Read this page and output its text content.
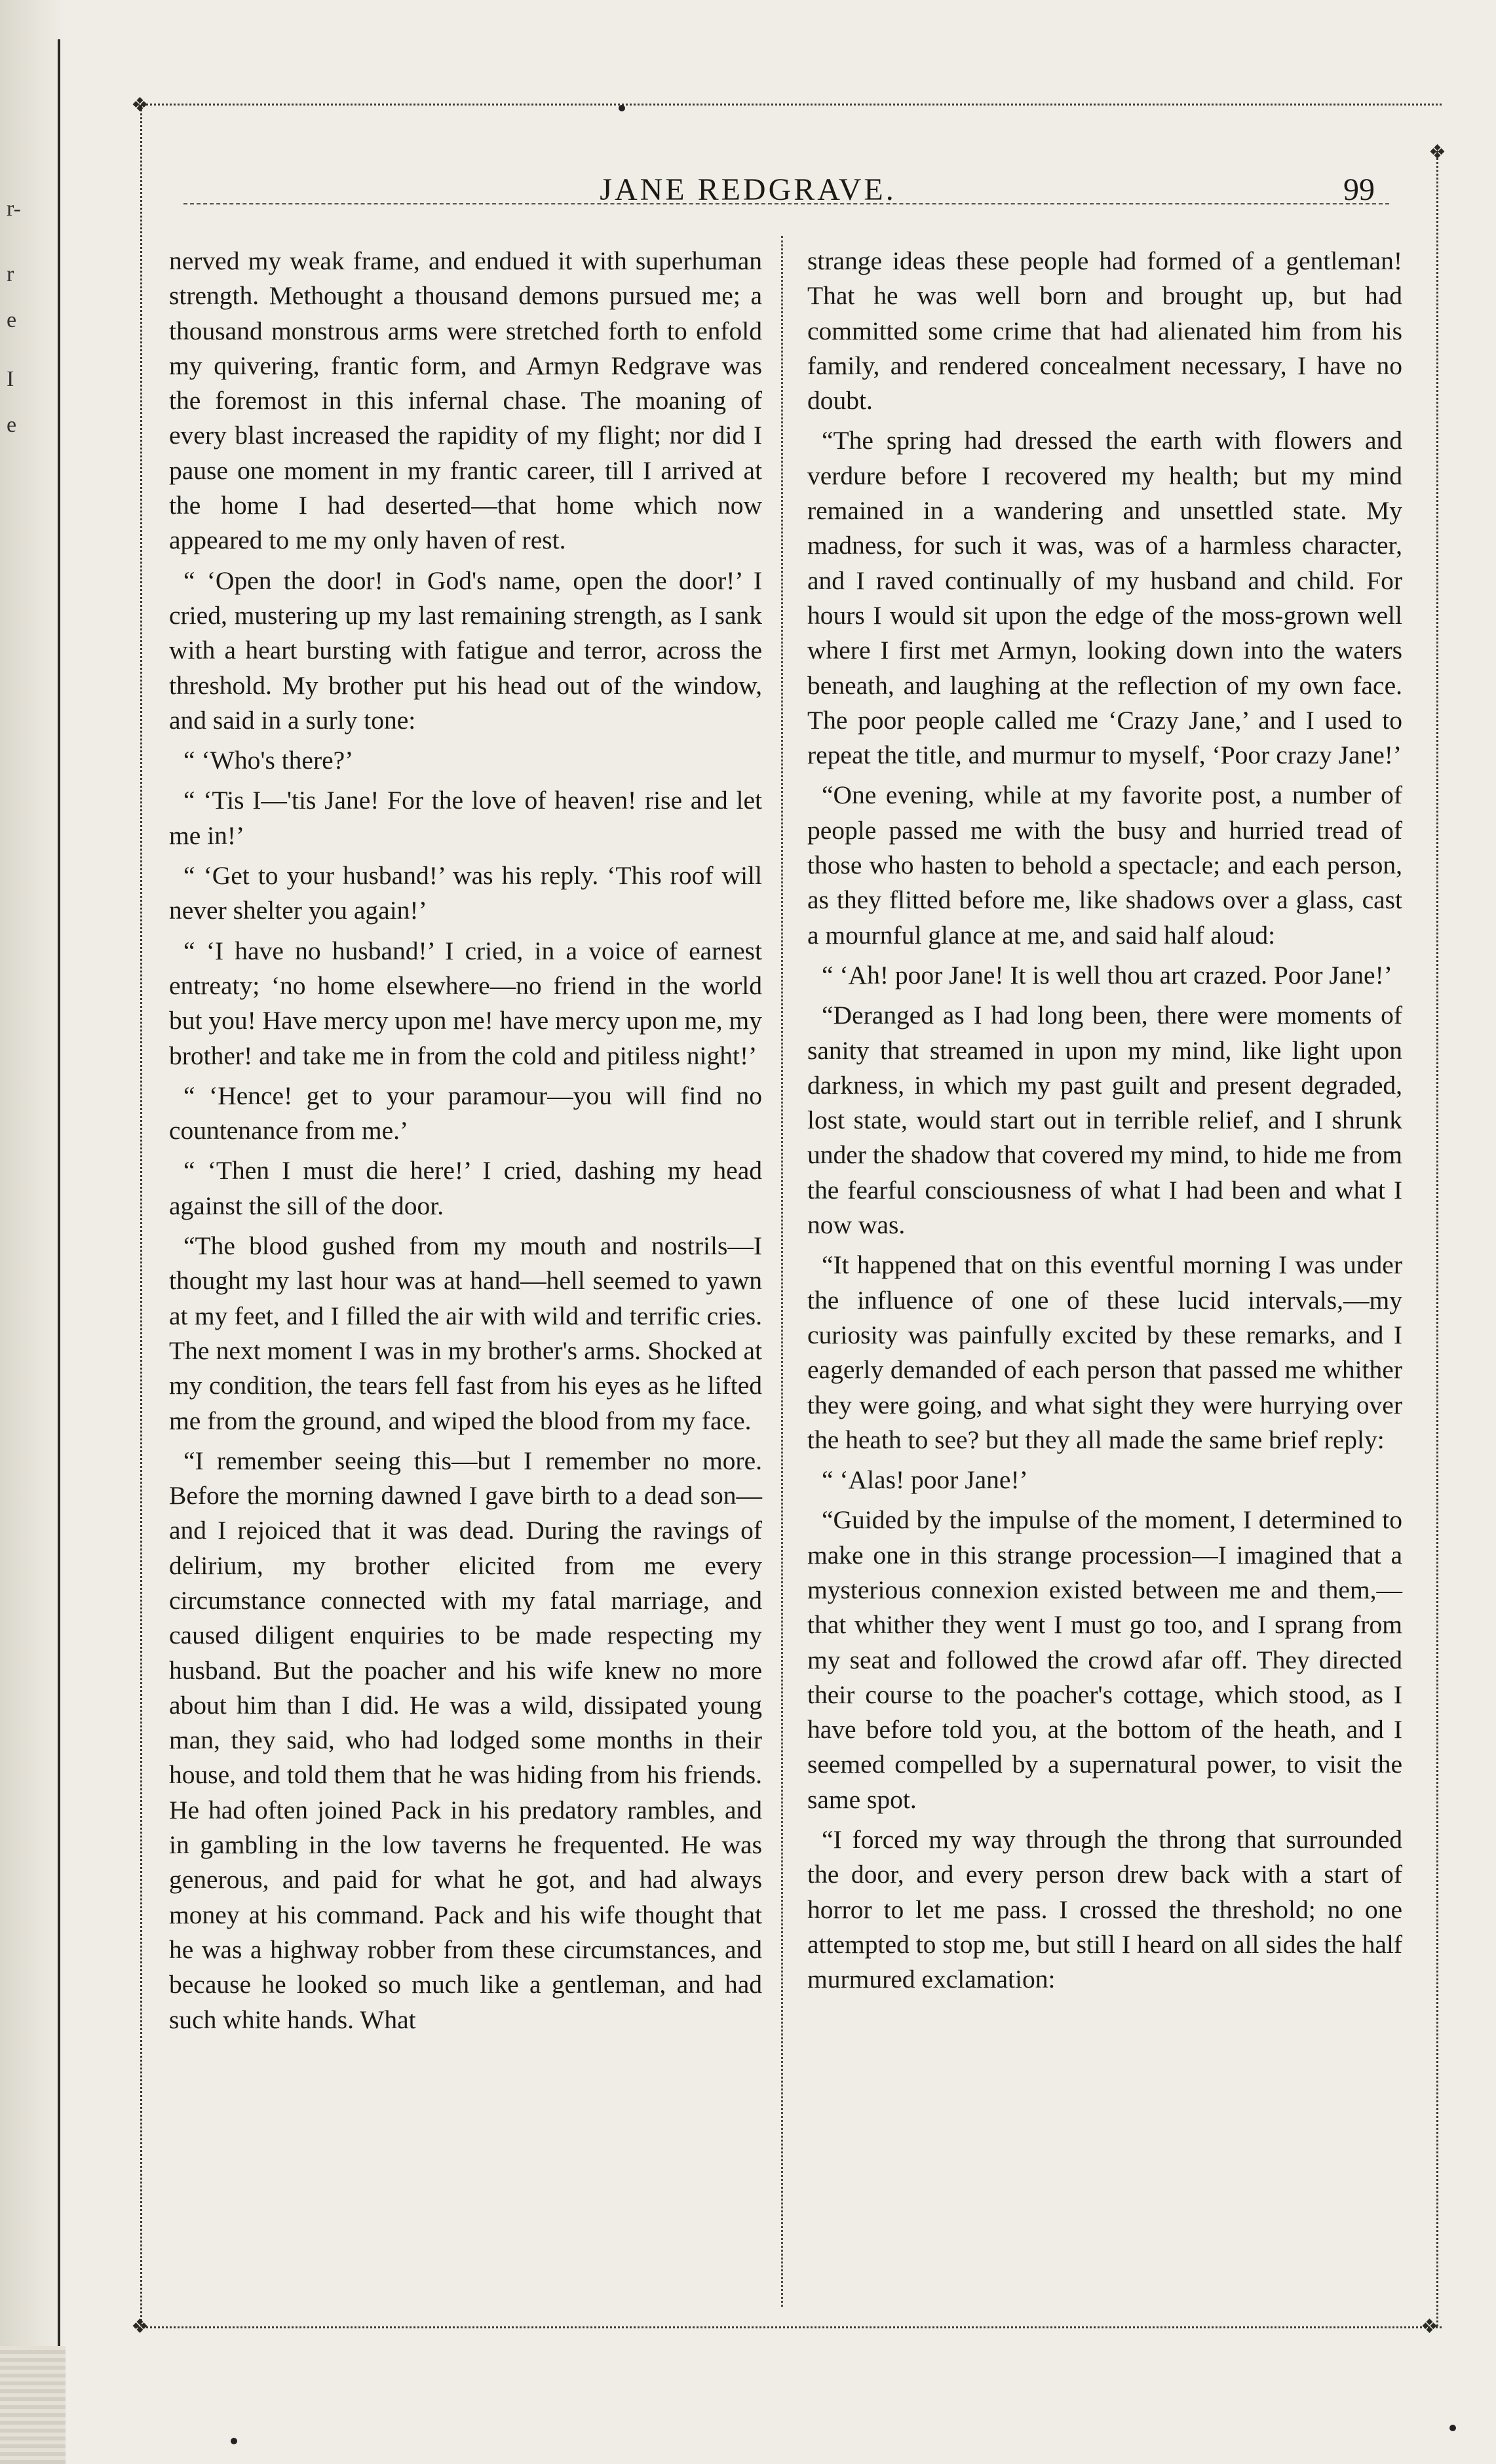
r-
r
e
I
e
❖
❖
❖	❖
JANE REDGRAVE.	99

nerved my weak frame, and endued it with superhuman strength. Methought a thousand demons pursued me; a thousand monstrous arms were stretched forth to enfold my quivering, frantic form, and Armyn Redgrave was the foremost in this infernal chase. The moaning of every blast increased the rapidity of my flight; nor did I pause one moment in my frantic career, till I arrived at the home I had deserted—that home which now appeared to me my only haven of rest.

“ ‘Open the door! in God's name, open the door!’ I cried, mustering up my last remaining strength, as I sank with a heart bursting with fatigue and terror, across the threshold. My brother put his head out of the window, and said in a surly tone:

“ ‘Who's there?’

“ ‘Tis I—'tis Jane! For the love of heaven! rise and let me in!’

“ ‘Get to your husband!’ was his reply. ‘This roof will never shelter you again!’

“ ‘I have no husband!’ I cried, in a voice of earnest entreaty; ‘no home elsewhere—no friend in the world but you! Have mercy upon me! have mercy upon me, my brother! and take me in from the cold and pitiless night!’

“ ‘Hence! get to your paramour—you will find no countenance from me.’

“ ‘Then I must die here!’ I cried, dashing my head against the sill of the door.

“The blood gushed from my mouth and nostrils—I thought my last hour was at hand—hell seemed to yawn at my feet, and I filled the air with wild and terrific cries. The next moment I was in my brother's arms. Shocked at my condition, the tears fell fast from his eyes as he lifted me from the ground, and wiped the blood from my face.

“I remember seeing this—but I remember no more. Before the morning dawned I gave birth to a dead son—and I rejoiced that it was dead. During the ravings of delirium, my brother elicited from me every circumstance connected with my fatal marriage, and caused diligent enquiries to be made respecting my husband. But the poacher and his wife knew no more about him than I did. He was a wild, dissipated young man, they said, who had lodged some months in their house, and told them that he was hiding from his friends. He had often joined Pack in his predatory rambles, and in gambling in the low taverns he frequented. He was generous, and paid for what he got, and had always money at his command. Pack and his wife thought that he was a highway robber from these circumstances, and because he looked so much like a gentleman, and had such white hands. What

strange ideas these people had formed of a gentleman! That he was well born and brought up, but had committed some crime that had alienated him from his family, and rendered concealment necessary, I have no doubt.

“The spring had dressed the earth with flowers and verdure before I recovered my health; but my mind remained in a wandering and unsettled state. My madness, for such it was, was of a harmless character, and I raved continually of my husband and child. For hours I would sit upon the edge of the moss-grown well where I first met Armyn, looking down into the waters beneath, and laughing at the reflection of my own face. The poor people called me ‘Crazy Jane,’ and I used to repeat the title, and murmur to myself, ‘Poor crazy Jane!’

“One evening, while at my favorite post, a number of people passed me with the busy and hurried tread of those who hasten to behold a spectacle; and each person, as they flitted before me, like shadows over a glass, cast a mournful glance at me, and said half aloud:

“ ‘Ah! poor Jane! It is well thou art crazed. Poor Jane!’

“Deranged as I had long been, there were moments of sanity that streamed in upon my mind, like light upon darkness, in which my past guilt and present degraded, lost state, would start out in terrible relief, and I shrunk under the shadow that covered my mind, to hide me from the fearful consciousness of what I had been and what I now was.

“It happened that on this eventful morning I was under the influence of one of these lucid intervals,—my curiosity was painfully excited by these remarks, and I eagerly demanded of each person that passed me whither they were going, and what sight they were hurrying over the heath to see? but they all made the same brief reply:

“ ‘Alas! poor Jane!’

“Guided by the impulse of the moment, I determined to make one in this strange procession—I imagined that a mysterious connexion existed between me and them,—that whither they went I must go too, and I sprang from my seat and followed the crowd afar off. They directed their course to the poacher's cottage, which stood, as I have before told you, at the bottom of the heath, and I seemed compelled by a supernatural power, to visit the same spot.

“I forced my way through the throng that surrounded the door, and every person drew back with a start of horror to let me pass. I crossed the threshold; no one attempted to stop me, but still I heard on all sides the half murmured exclamation:
